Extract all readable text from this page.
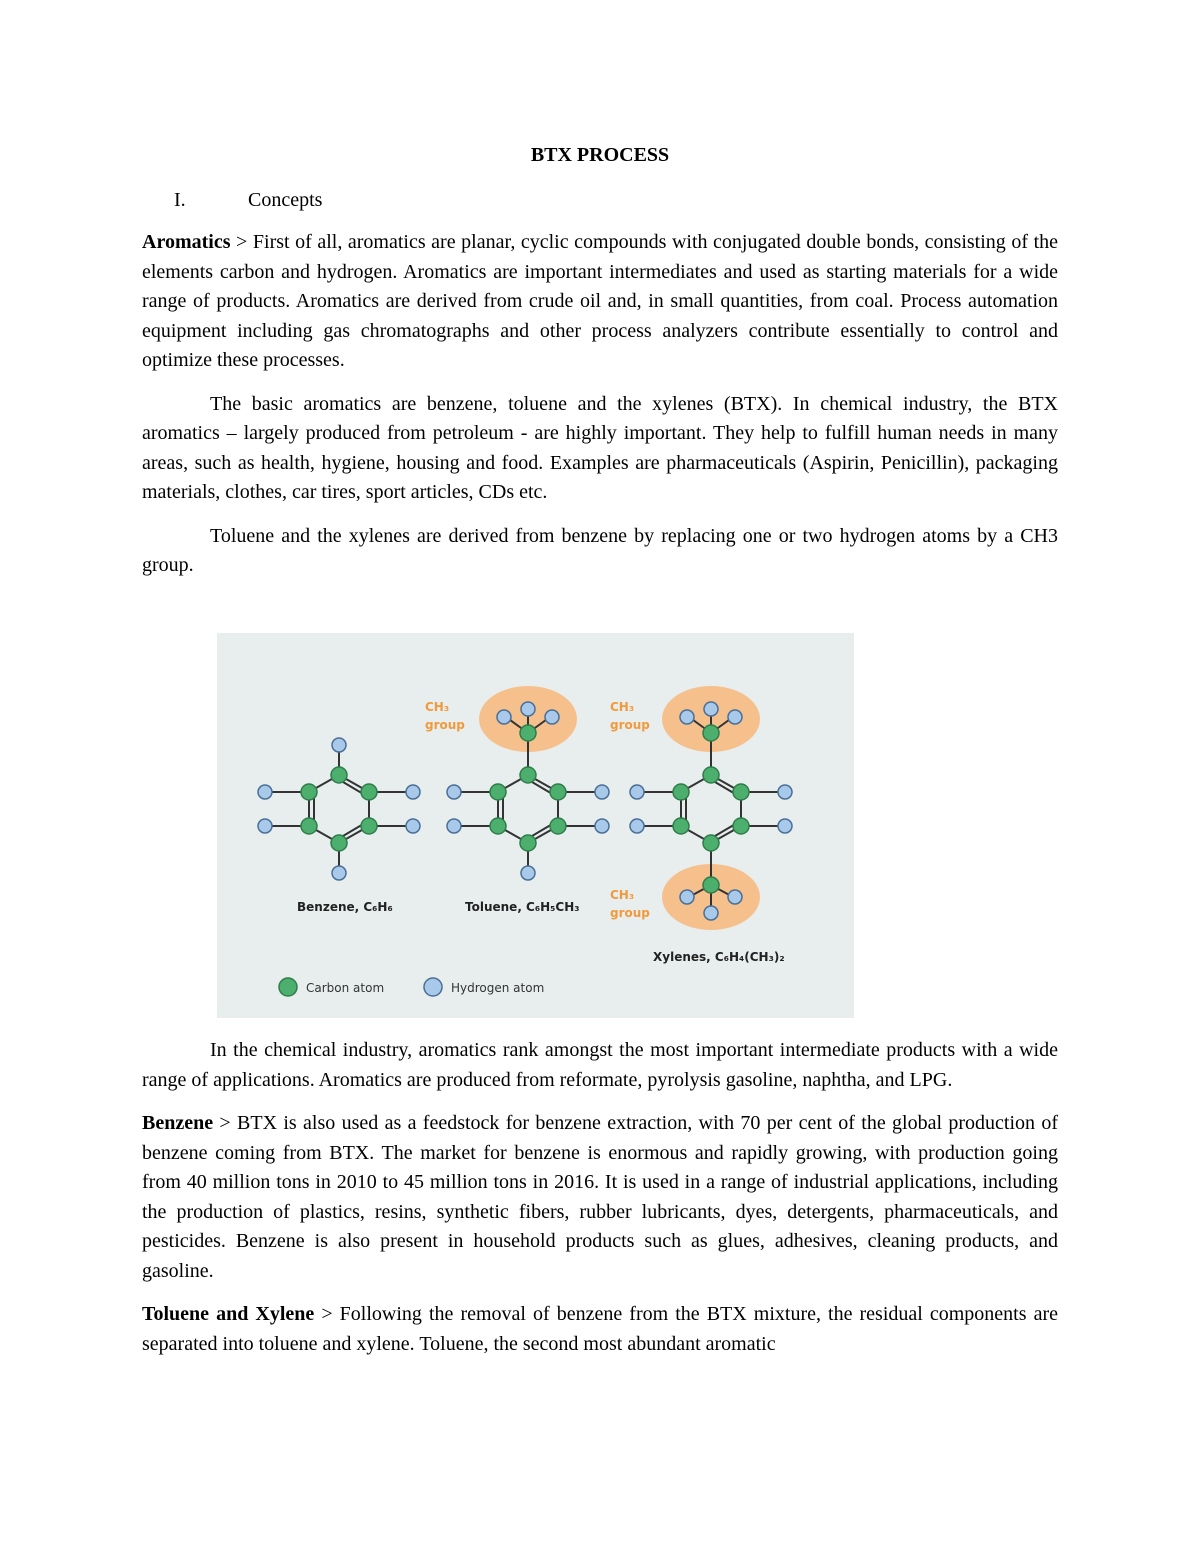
BTX PROCESS
I.	Concepts

Aromatics > First of all, aromatics are planar, cyclic compounds with conjugated double bonds, consisting of the elements carbon and hydrogen. Aromatics are important intermediates and used as starting materials for a wide range of products. Aromatics are derived from crude oil and, in small quantities, from coal. Process automation equipment including gas chromatographs and other process analyzers contribute essentially to control and optimize these processes.

The basic aromatics are benzene, toluene and the xylenes (BTX). In chemical industry, the BTX aromatics – largely produced from petroleum - are highly important. They help to fulfill human needs in many areas, such as health, hygiene, housing and food. Examples are pharmaceuticals (Aspirin, Penicillin), packaging materials, clothes, car tires, sport articles, CDs etc.

Toluene and the xylenes are derived from benzene by replacing one or two hydrogen atoms by a CH3 group.

CH₃
group
CH₃
group
CH₃
group
Benzene, C₆H₆	Toluene, C₆H₅CH₃
Xylenes, C₆H₄(CH₃)₂
Carbon atom	Hydrogen atom

In the chemical industry, aromatics rank amongst the most important intermediate products with a wide range of applications. Aromatics are produced from reformate, pyrolysis gasoline, naphtha, and LPG.

Benzene > BTX is also used as a feedstock for benzene extraction, with 70 per cent of the global production of benzene coming from BTX. The market for benzene is enormous and rapidly growing, with production going from 40 million tons in 2010 to 45 million tons in 2016. It is used in a range of industrial applications, including the production of plastics, resins, synthetic fibers, rubber lubricants, dyes, detergents, pharmaceuticals, and pesticides. Benzene is also present in household products such as glues, adhesives, cleaning products, and gasoline.

Toluene and Xylene > Following the removal of benzene from the BTX mixture, the residual components are separated into toluene and xylene. Toluene, the second most abundant aromatic
